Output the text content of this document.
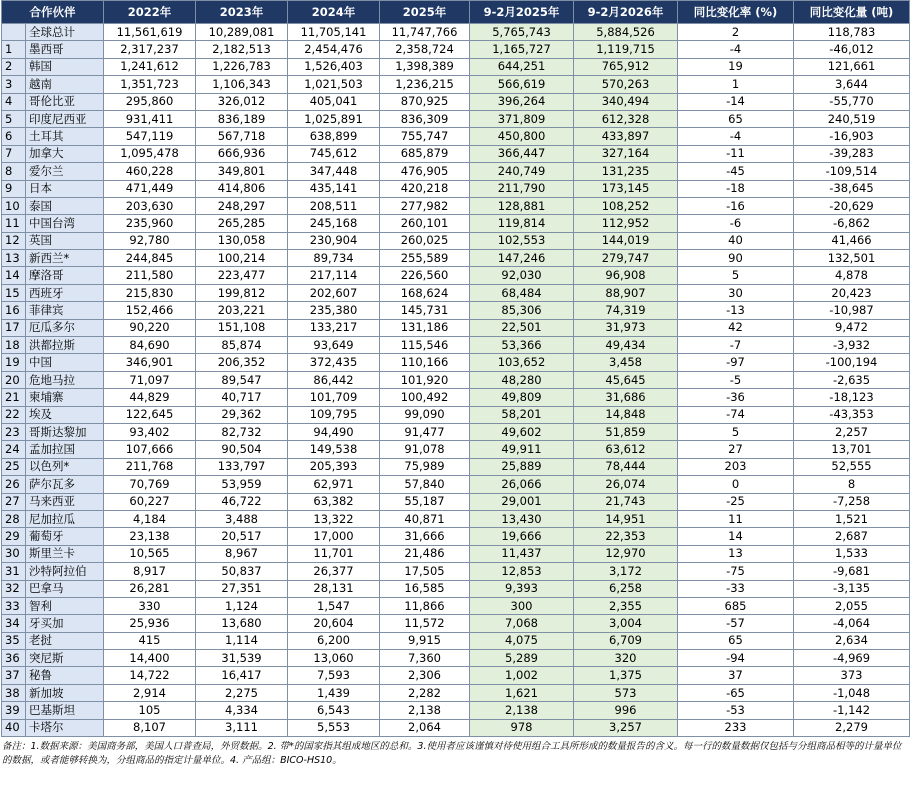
合作伙伴		2022年	2023年	2024年	2025年	9-2月2025年	9-2月2026年	同比变化率 (%)	同比变化量 (吨)
	全球总计	11,561,619	10,289,081	11,705,141	11,747,766	5,765,743	5,884,526	2	118,783
1	墨西哥	2,317,237	2,182,513	2,454,476	2,358,724	1,165,727	1,119,715	-4	-46,012
2	韩国	1,241,612	1,226,783	1,526,403	1,398,389	644,251	765,912	19	121,661
3	越南	1,351,723	1,106,343	1,021,503	1,236,215	566,619	570,263	1	3,644
4	哥伦比亚	295,860	326,012	405,041	870,925	396,264	340,494	-14	-55,770
5	印度尼西亚	931,411	836,189	1,025,891	836,309	371,809	612,328	65	240,519
6	土耳其	547,119	567,718	638,899	755,747	450,800	433,897	-4	-16,903
7	加拿大	1,095,478	666,936	745,612	685,879	366,447	327,164	-11	-39,283
8	爱尔兰	460,228	349,801	347,448	476,905	240,749	131,235	-45	-109,514
9	日本	471,449	414,806	435,141	420,218	211,790	173,145	-18	-38,645
10	泰国	203,630	248,297	208,511	277,982	128,881	108,252	-16	-20,629
11	中国台湾	235,960	265,285	245,168	260,101	119,814	112,952	-6	-6,862
12	英国	92,780	130,058	230,904	260,025	102,553	144,019	40	41,466
13	新西兰*	244,845	100,214	89,734	255,589	147,246	279,747	90	132,501
14	摩洛哥	211,580	223,477	217,114	226,560	92,030	96,908	5	4,878
15	西班牙	215,830	199,812	202,607	168,624	68,484	88,907	30	20,423
16	菲律宾	152,466	203,221	235,380	145,731	85,306	74,319	-13	-10,987
17	厄瓜多尔	90,220	151,108	133,217	131,186	22,501	31,973	42	9,472
18	洪都拉斯	84,690	85,874	93,649	115,546	53,366	49,434	-7	-3,932
19	中国	346,901	206,352	372,435	110,166	103,652	3,458	-97	-100,194
20	危地马拉	71,097	89,547	86,442	101,920	48,280	45,645	-5	-2,635
21	柬埔寨	44,829	40,717	101,709	100,492	49,809	31,686	-36	-18,123
22	埃及	122,645	29,362	109,795	99,090	58,201	14,848	-74	-43,353
23	哥斯达黎加	93,402	82,732	94,490	91,477	49,602	51,859	5	2,257
24	孟加拉国	107,666	90,504	149,538	91,078	49,911	63,612	27	13,701
25	以色列*	211,768	133,797	205,393	75,989	25,889	78,444	203	52,555
26	萨尔瓦多	70,769	53,959	62,971	57,840	26,066	26,074	0	8
27	马来西亚	60,227	46,722	63,382	55,187	29,001	21,743	-25	-7,258
28	尼加拉瓜	4,184	3,488	13,322	40,871	13,430	14,951	11	1,521
29	葡萄牙	23,138	20,517	17,000	31,666	19,666	22,353	14	2,687
30	斯里兰卡	10,565	8,967	11,701	21,486	11,437	12,970	13	1,533
31	沙特阿拉伯	8,917	50,837	26,377	17,505	12,853	3,172	-75	-9,681
32	巴拿马	26,281	27,351	28,131	16,585	9,393	6,258	-33	-3,135
33	智利	330	1,124	1,547	11,866	300	2,355	685	2,055
34	牙买加	25,936	13,680	20,604	11,572	7,068	3,004	-57	-4,064
35	老挝	415	1,114	6,200	9,915	4,075	6,709	65	2,634
36	突尼斯	14,400	31,539	13,060	7,360	5,289	320	-94	-4,969
37	秘鲁	14,722	16,417	7,593	2,306	1,002	1,375	37	373
38	新加坡	2,914	2,275	1,439	2,282	1,621	573	-65	-1,048
39	巴基斯坦	105	4,334	6,543	2,138	2,138	996	-53	-1,142
40	卡塔尔	8,107	3,111	5,553	2,064	978	3,257	233	2,279
备注：1.数据来源：美国商务部，美国人口普查局，外贸数据。2. 带*的国家指其组成地区的总和。3.使用者应该谨慎对待使用组合工具所形成的数量报告的含义。每一行的数量数据仅包括与分组商品相等的计量单位的数据，或者能够转换为，分组商品的指定计量单位。4. 产品组：BICO-HS10。
